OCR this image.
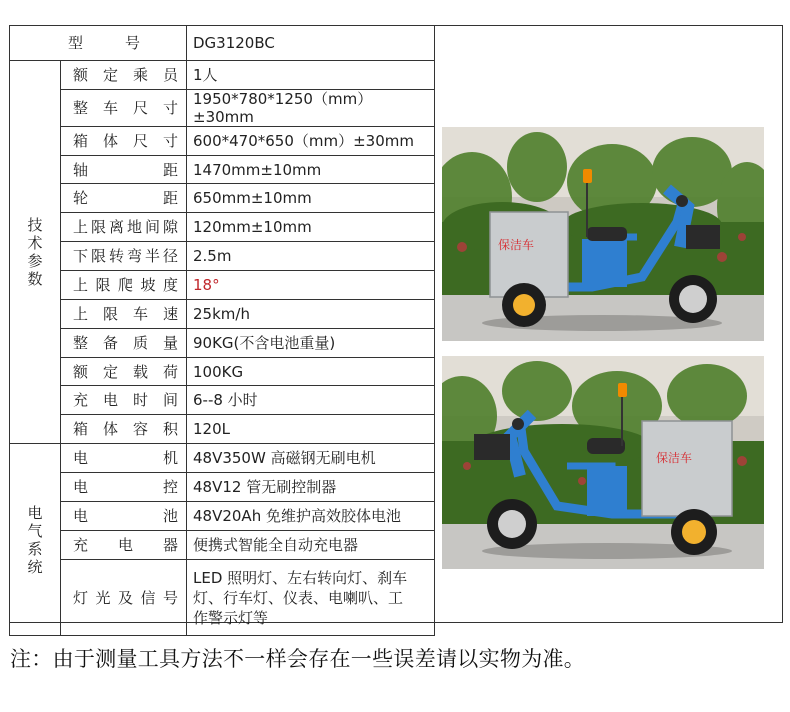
型号		DG3120BC

技术参数	额定乘员	1人
	整车尺寸	1950*780*1250（mm）±30mm
	箱体尺寸	600*470*650（mm）±30mm
	轴距	1470mm±10mm
	轮距	650mm±10mm
	上限离地间隙	120mm±10mm
	下限转弯半径	2.5m
	上限爬坡度	18°
	上限车速	25km/h
	整备质量	90KG(不含电池重量)
	额定载荷	100KG
	充电时间	6--8 小时
	箱体容积	120L

电气系统	电机	48V350W 高磁钢无刷电机
	电控	48V12 管无刷控制器
	电池	48V20Ah 免维护高效胶体电池
	充电器	便携式智能全自动充电器
	灯光及信号	LED 照明灯、左右转向灯、刹车
灯、行车灯、仪表、电喇叭、工
作警示灯等
保洁车
保洁车
注：由于测量工具方法不一样会存在一些误差请以实物为准。
